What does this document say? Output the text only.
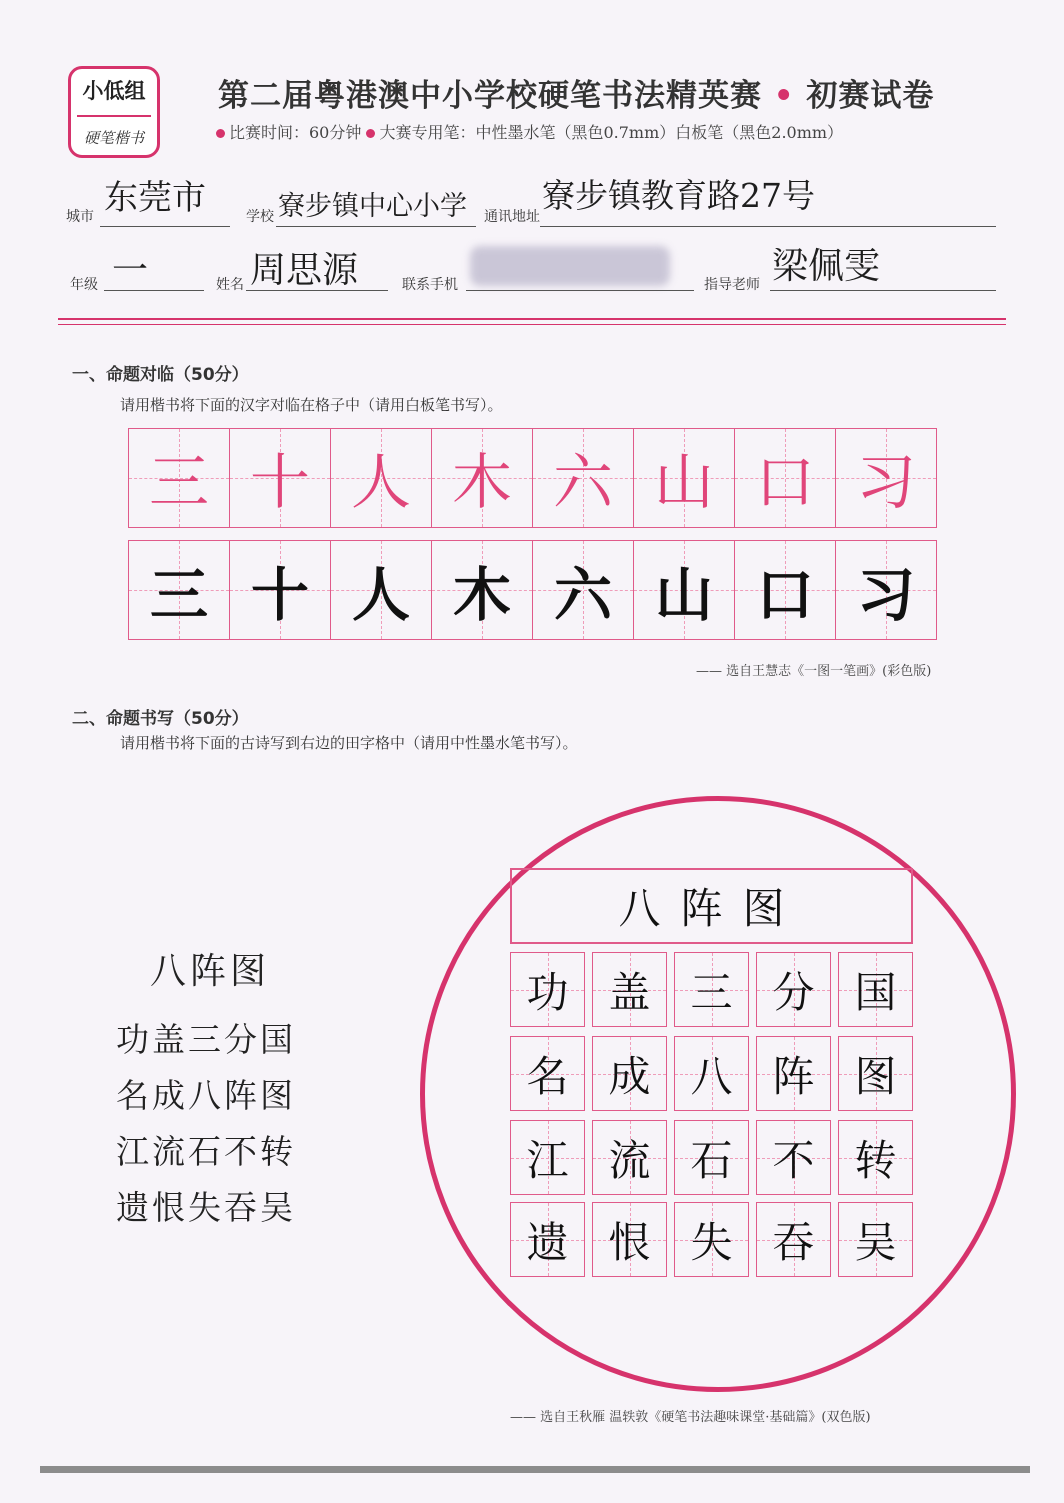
小低组
硬笔楷书
第二届粤港澳中小学校硬笔书法精英赛 • 初赛试卷
比赛时间：60分钟 大赛专用笔：中性墨水笔（黑色0.7mm）白板笔（黑色2.0mm）
城市 东莞市	学校 寮步镇中心小学 通讯地址
寮步镇教育路27号
年级 一	姓名 周思源	联系手机	指导老师 梁佩雯
一、命题对临（50分）
请用楷书将下面的汉字对临在格子中（请用白板笔书写）。
三 十 人 木 六 山 口 习
三 十 人 木 六 山 口 习
—— 选自王慧志《一图一笔画》(彩色版)
二、命题书写（50分）
请用楷书将下面的古诗写到右边的田字格中（请用中性墨水笔书写）。
八阵图
功盖三分国
名成八阵图
江流石不转
遗恨失吞吴
八阵图
功 盖 三 分 国
名 成 八 阵 图
江 流 石 不 转
遗 恨 失 吞 吴
—— 选自王秋雁 温轶敦《硬笔书法趣味课堂·基础篇》(双色版)
